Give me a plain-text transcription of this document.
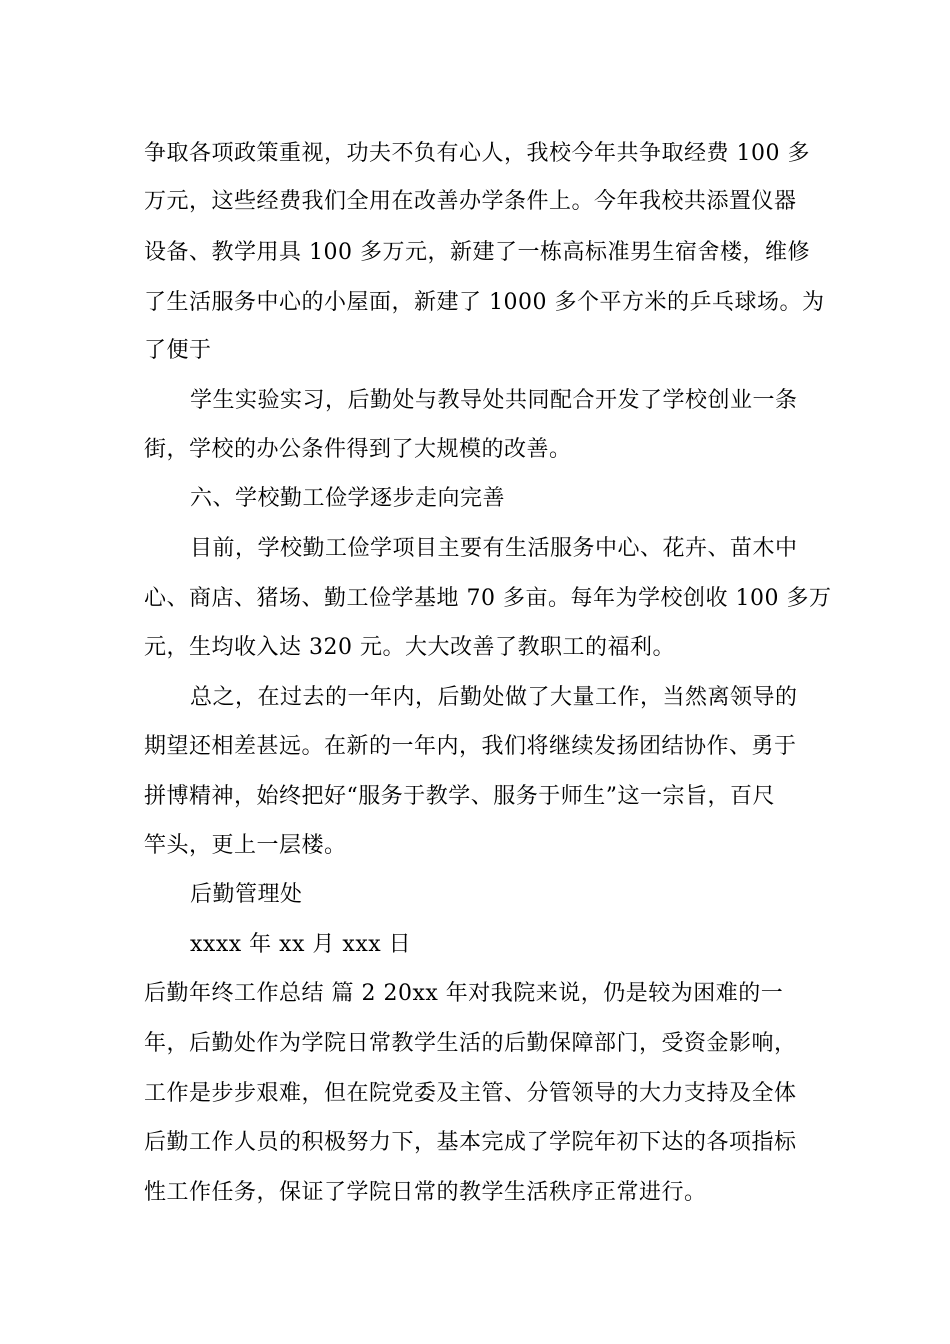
争取各项政策重视，功夫不负有心人，我校今年共争取经费 100 多
万元，这些经费我们全用在改善办学条件上。今年我校共添置仪器
设备、教学用具 100 多万元，新建了一栋高标准男生宿舍楼，维修
了生活服务中心的小屋面，新建了 1000 多个平方米的乒乓球场。为
了便于
学生实验实习，后勤处与教导处共同配合开发了学校创业一条
街，学校的办公条件得到了大规模的改善。
六、学校勤工俭学逐步走向完善
目前，学校勤工俭学项目主要有生活服务中心、花卉、苗木中
心、商店、猪场、勤工俭学基地 70 多亩。每年为学校创收 100 多万
元，生均收入达 320 元。大大改善了教职工的福利。
总之，在过去的一年内，后勤处做了大量工作，当然离领导的
期望还相差甚远。在新的一年内，我们将继续发扬团结协作、勇于
拼博精神，始终把好“服务于教学、服务于师生”这一宗旨，百尺
竿头，更上一层楼。
后勤管理处
xxxx 年 xx 月 xxx 日
后勤年终工作总结 篇 2 20xx 年对我院来说，仍是较为困难的一
年，后勤处作为学院日常教学生活的后勤保障部门，受资金影响，
工作是步步艰难，但在院党委及主管、分管领导的大力支持及全体
后勤工作人员的积极努力下，基本完成了学院年初下达的各项指标
性工作任务，保证了学院日常的教学生活秩序正常进行。
